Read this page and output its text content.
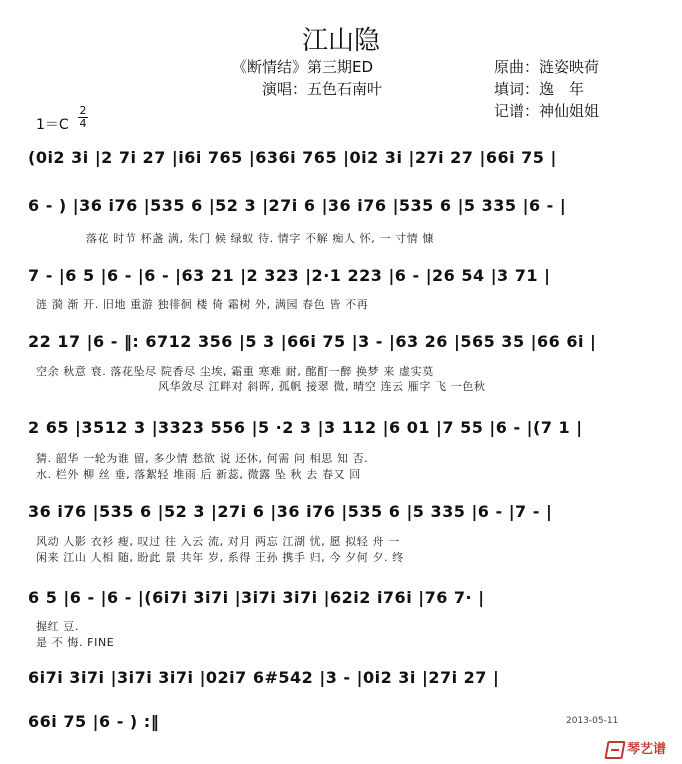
江山隐
《断情结》第三期ED
演唱：五色石南叶
原曲：涟姿映荷
填词：逸　年
记谱：神仙姐姐
1＝C
2
4
(0i2 3i |2 7i 27 |i6i 765 |636i 765 |0i2 3i |27i 27 |66i 75 |
6 - ) |36 i76 |535 6 |52 3 |27i 6 |36 i76 |535 6 |5 335 |6 - |
落花 时节 杯盏 满, 朱门 候 绿蚁 待. 情字 不解 痴人 怀, 一 寸情 慷
7 - |6 5 |6 - |6 - |63 21 |2 323 |2·1 223 |6 - |26 54 |3 71 |
涟 漪 渐 开. 旧地 重游 独徘徊 楼 倚 霜树 外, 满园 春色 皆 不再
22 17 |6 - ‖: 6712 356 |5 3 |66i 75 |3 - |63 26 |565 35 |66 6i |
空余 秋意 衰. 落花坠尽 院香尽 尘埃, 霜重 寒难 耐, 酩酊一醉 换梦 来 虚实莫
风华敛尽 江畔对 斜晖, 孤帆 接翠 微, 晴空 连云 雁字 飞 一色秋
2 65 |3512 3 |3323 556 |5 ·2 3 |3 112 |6 01 |7 55 |6 - |(7 1 |
猜. 韶华 一轮为谁 留, 多少情 愁欲 说 还休, 何需 问 相思 知 否.
水. 栏外 柳 丝 垂, 落絮轻 堆雨 后 新蕊, 微露 坠 秋 去 春又 回
36 i76 |535 6 |52 3 |27i 6 |36 i76 |535 6 |5 335 |6 - |7 - |
风动 人影 衣衫 瘦, 叹过 往 入云 流, 对月 两忘 江湖 忧, 愿 拟轻 舟 一
闲来 江山 人相 随, 盼此 景 共年 岁, 系得 王孙 携手 归, 今 夕何 夕. 终
6 5 |6 - |6 - |(6i7i 3i7i |3i7i 3i7i |62i2 i76i |76 7· |
握红 豆.
是 不 悔. FINE
6i7i 3i7i |3i7i 3i7i |02i7 6#542 |3 - |0i2 3i |27i 27 |
66i 75 |6 - ) :‖	2013-05-11
琴艺谱
